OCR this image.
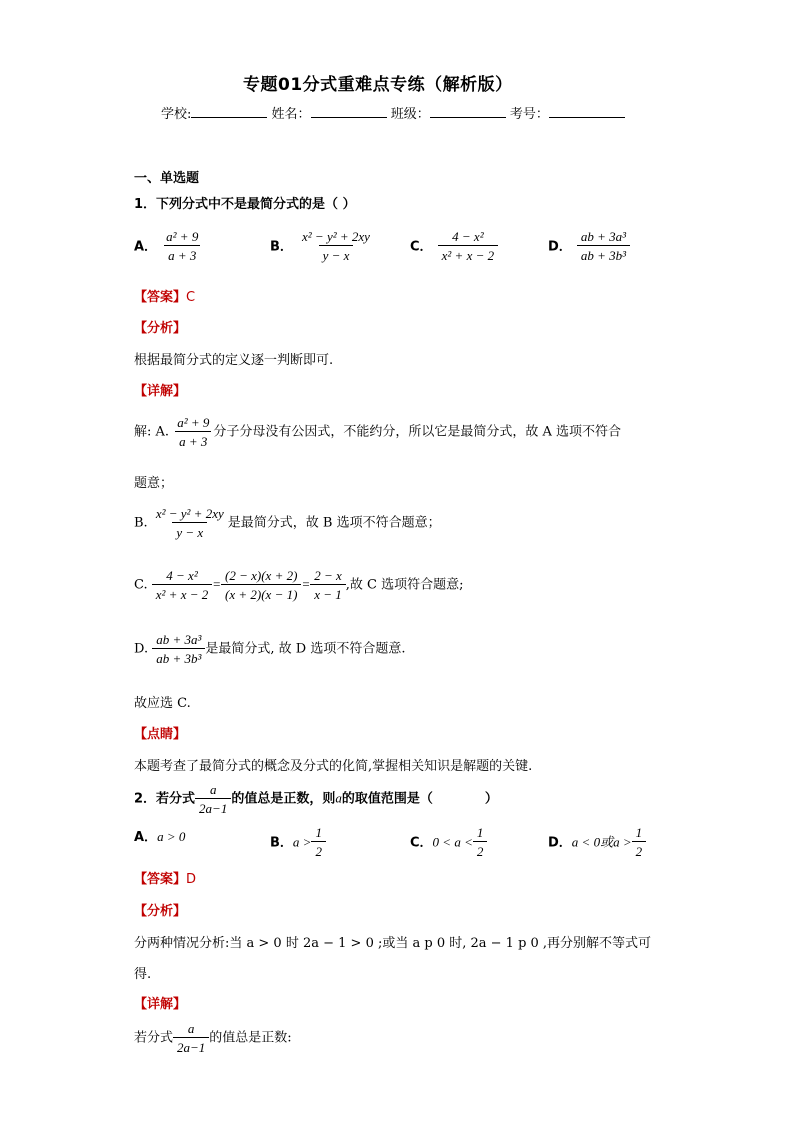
专题01分式重难点专练（解析版）
学校:	姓名：	班级：	考号：
一、单选题
1．下列分式中不是最简分式的是（ ）
A． $\frac{\text{a² + 9}}{a + 3}$	B． $\frac{\text{x² − y² + 2xy}}{y - x}$	C． $\frac{\text{4 − x²}}{\text{x² + x − 2}}$	D． $\frac{\text{ab + 3a³}}{\text{ab + 3b³}}$
【答案】C
【分析】
根据最简分式的定义逐一判断即可.
【详解】
解: A. $\frac{\text{a² + 9}}{a + 3}$ 分子分母没有公因式，不能约分，所以它是最简分式，故 A 选项不符合
题意；
B. $\frac{\text{x² − y² + 2xy}}{y - x}$ 是最简分式，故 B 选项不符合题意；
C. $\frac{\text{4 − x²}}{\text{x² + x − 2}} = \frac{(2 - x)(x + 2)}{(x + 2)(x - 1)} = \frac{2 - x}{x - 1}$ ,故 C 选项符合题意;
D. $\frac{\text{ab + 3a³}}{\text{ab + 3b³}}$ 是最简分式, 故 D 选项不符合题意.
故应选 C.
【点睛】
本题考查了最简分式的概念及分式的化简,掌握相关知识是解题的关键.
2．若分式 $\frac{a}{2a-1}$ 的值总是正数，则a的取值范围是（　　　　）
A．a > 0	B．$a > \frac{1}{2}$	C．$0 < a < \frac{1}{2}$	D．a < 0或$a > \frac{1}{2}$
【答案】D
【分析】
分两种情况分析:当 a > 0 时 2a − 1 > 0 ;或当 a p 0 时, 2a − 1 p 0 ,再分别解不等式可
得.
【详解】
若分式 $\frac{a}{2a-1}$ 的值总是正数:
